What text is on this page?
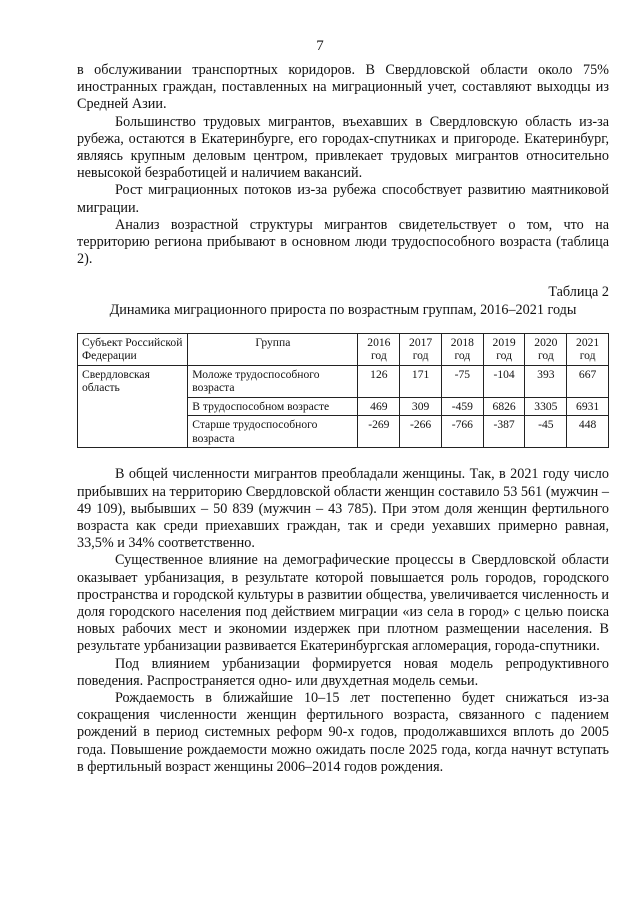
7

в обслуживании транспортных коридоров. В Свердловской области около 75% иностранных граждан, поставленных на миграционный учет, составляют выходцы из Средней Азии.

Большинство трудовых мигрантов, въехавших в Свердловскую область из-за рубежа, остаются в Екатеринбурге, его городах-спутниках и пригороде. Екатеринбург, являясь крупным деловым центром, привлекает трудовых мигрантов относительно невысокой безработицей и наличием вакансий.

Рост миграционных потоков из-за рубежа способствует развитию маятниковой миграции.

Анализ возрастной структуры мигрантов свидетельствует о том, что на территорию региона прибывают в основном люди трудоспособного возраста (таблица 2).

Таблица 2

Динамика миграционного прироста по возрастным группам, 2016–2021 годы

Субъект Российской Федерации	Группа	2016 год	2017 год	2018 год	2019 год	2020 год	2021 год
Свердловская область	Моложе трудоспособного возраста	126	171	-75	-104	393	667
	В трудоспособном возрасте	469	309	-459	6826	3305	6931
	Старше трудоспособного возраста	-269	-266	-766	-387	-45	448

В общей численности мигрантов преобладали женщины. Так, в 2021 году число прибывших на территорию Свердловской области женщин составило 53 561 (мужчин – 49 109), выбывших – 50 839 (мужчин – 43 785). При этом доля женщин фертильного возраста как среди приехавших граждан, так и среди уехавших примерно равная, 33,5% и 34% соответственно.

Существенное влияние на демографические процессы в Свердловской области оказывает урбанизация, в результате которой повышается роль городов, городского пространства и городской культуры в развитии общества, увеличивается численность и доля городского населения под действием миграции «из села в город» с целью поиска новых рабочих мест и экономии издержек при плотном размещении населения. В результате урбанизации развивается Екатеринбургская агломерация, города-спутники.

Под влиянием урбанизации формируется новая модель репродуктивного поведения. Распространяется одно- или двухдетная модель семьи.

Рождаемость в ближайшие 10–15 лет постепенно будет снижаться из-за сокращения численности женщин фертильного возраста, связанного с падением рождений в период системных реформ 90-х годов, продолжавшихся вплоть до 2005 года. Повышение рождаемости можно ожидать после 2025 года, когда начнут вступать в фертильный возраст женщины 2006–2014 годов рождения.
